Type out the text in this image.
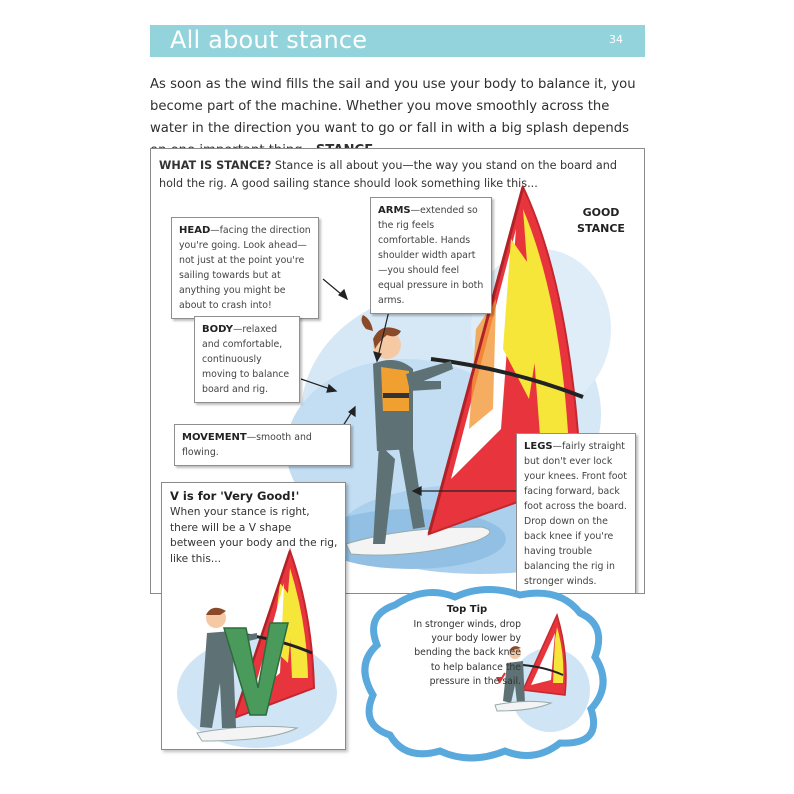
All about stance	34
As soon as the wind fills the sail and you use your body to balance it, you become part of the machine. Whether you move smoothly across the water in the direction you want to go or fall in with a big splash depends
WHAT IS STANCE? Stance is all about you—the way you stand on the board and hold the rig. A good sailing stance should look something like this...
GOOD STANCE
HEAD—facing the direction you're going. Look ahead—not just at the point you're sailing towards but at anything you might be about to crash into!
ARMS—extended so the rig feels comfortable. Hands shoulder width apart—you should feel equal pressure in both arms.
BODY—relaxed and comfortable, continuously moving to balance board and rig.
MOVEMENT—smooth and flowing.
LEGS—fairly straight but don't ever lock your knees. Front foot facing forward, back foot across the board. Drop down on the back knee if you're having trouble balancing the rig in stronger winds.
V is for 'Very Good!'
When your stance is right, there will be a V shape between your body and the rig, like this...
Top Tip
In stronger winds, drop your body lower by bending the back knee to help balance the pressure in the sail.
